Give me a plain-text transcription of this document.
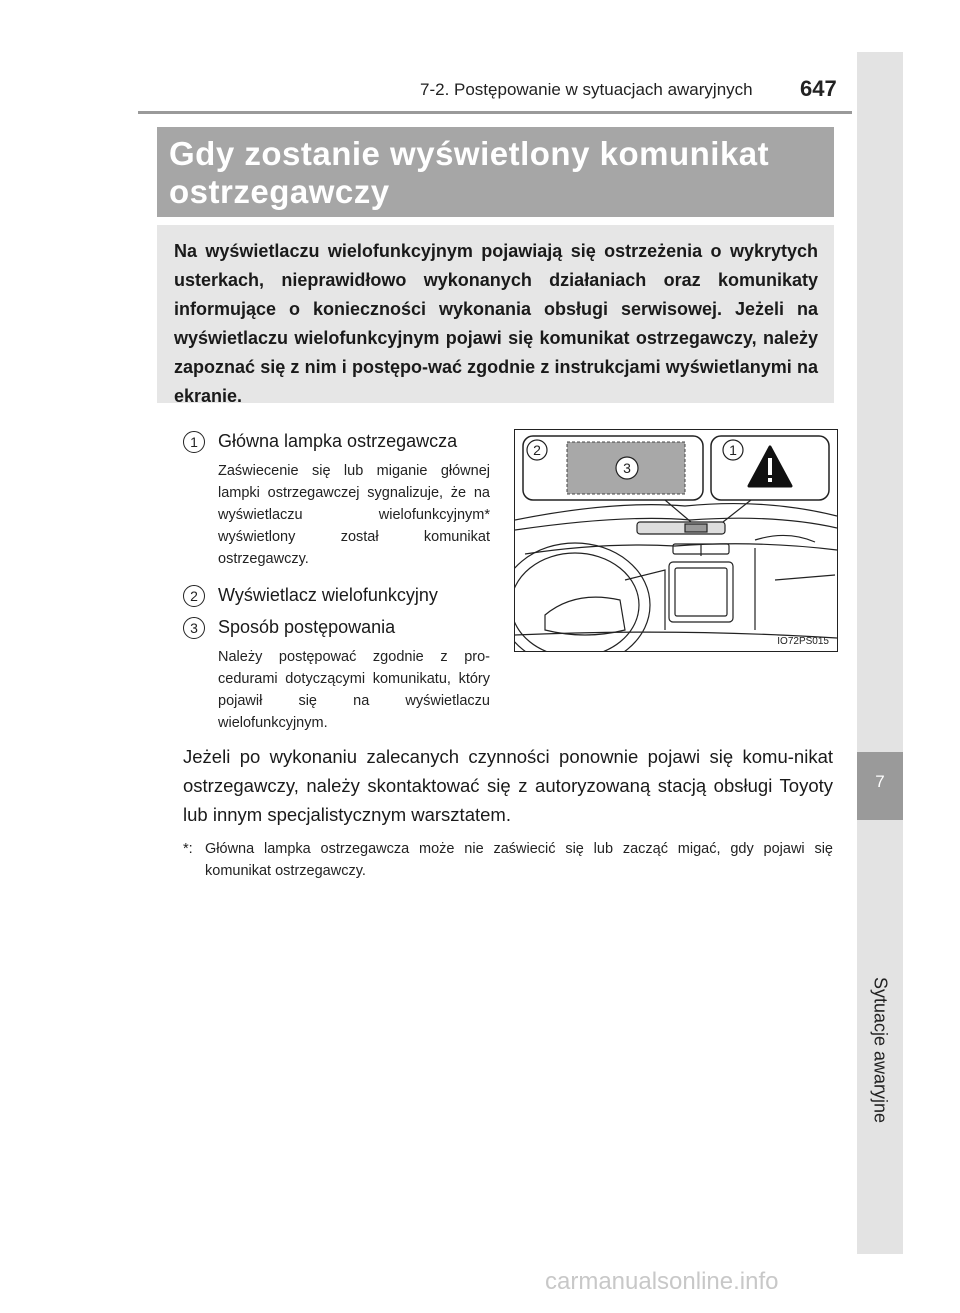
7
Sytuacje awaryjne
7-2. Postępowanie w sytuacjach awaryjnych 647
Gdy zostanie wyświetlony komunikat ostrzegawczy
Na wyświetlaczu wielofunkcyjnym pojawiają się ostrzeżenia o wykrytych usterkach, nieprawidłowo wykonanych działaniach oraz komunikaty informujące o konieczności wykonania obsługi serwisowej. Jeżeli na wyświetlaczu wielofunkcyjnym pojawi się komunikat ostrzegawczy, należy zapoznać się z nim i postępo-wać zgodnie z instrukcjami wyświetlanymi na ekranie.
1	Główna lampka ostrzegawcza
Zaświecenie się lub miganie głównej lampki ostrzegawczej sygnalizuje, że na wyświetlaczu wielofunkcyjnym* wyświetlony został komunikat ostrzegawczy.
2	Wyświetlacz wielofunkcyjny
3	Sposób postępowania
Należy postępować zgodnie z pro-cedurami dotyczącymi komunikatu, który pojawił się na wyświetlaczu wielofunkcyjnym.
2
3
1
IO72PS015
Jeżeli po wykonaniu zalecanych czynności ponownie pojawi się komu-nikat ostrzegawczy, należy skontaktować się z autoryzowaną stacją obsługi Toyoty lub innym specjalistycznym warsztatem.
*: Główna lampka ostrzegawcza może nie zaświecić się lub zacząć migać, gdy pojawi się komunikat ostrzegawczy.
carmanualsonline.info
